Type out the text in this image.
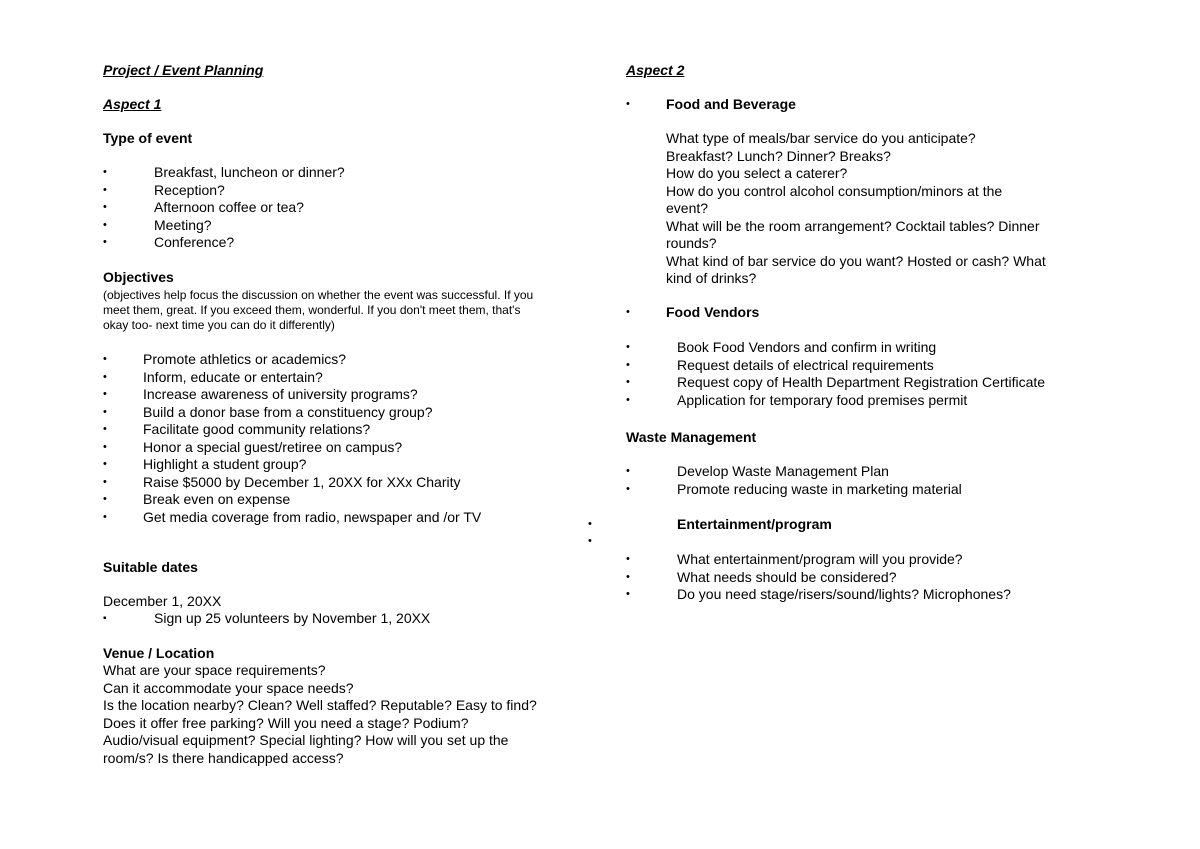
Project / Event Planning
Aspect 1
Type of event
•	Breakfast, luncheon or dinner?
•	Reception?
•	Afternoon coffee or tea?
•	Meeting?
•	Conference?
Objectives
(objectives help focus the discussion on whether the event was successful. If you
meet them, great. If you exceed them, wonderful. If you don't meet them, that's
okay too- next time you can do it differently)
•	Promote athletics or academics?
•	Inform, educate or entertain?
•	Increase awareness of university programs?
•	Build a donor base from a constituency group?
•	Facilitate good community relations?
•	Honor a special guest/retiree on campus?
•	Highlight a student group?
•	Raise $5000 by December 1, 20XX for XXx Charity
•	Break even on expense
•	Get media coverage from radio, newspaper and /or TV
Suitable dates
December 1, 20XX
▪	Sign up 25 volunteers by November 1, 20XX
Venue / Location
What are your space requirements?
Can it accommodate your space needs?
Is the location nearby? Clean? Well staffed? Reputable? Easy to find?
Does it offer free parking? Will you need a stage? Podium?
Audio/visual equipment? Special lighting? How will you set up the
room/s? Is there handicapped access?
Aspect 2
•	Food and Beverage
What type of meals/bar service do you anticipate?
Breakfast? Lunch? Dinner? Breaks?
How do you select a caterer?
How do you control alcohol consumption/minors at the
event?
What will be the room arrangement? Cocktail tables? Dinner
rounds?
What kind of bar service do you want? Hosted or cash? What
kind of drinks?
•	Food Vendors
•	Book Food Vendors and confirm in writing
•	Request details of electrical requirements
•	Request copy of Health Department Registration Certificate
•	Application for temporary food premises permit
Waste Management
•	Develop Waste Management Plan
•	Promote reducing waste in marketing material
•	Entertainment/program
•
•	What entertainment/program will you provide?
•	What needs should be considered?
•	Do you need stage/risers/sound/lights? Microphones?
